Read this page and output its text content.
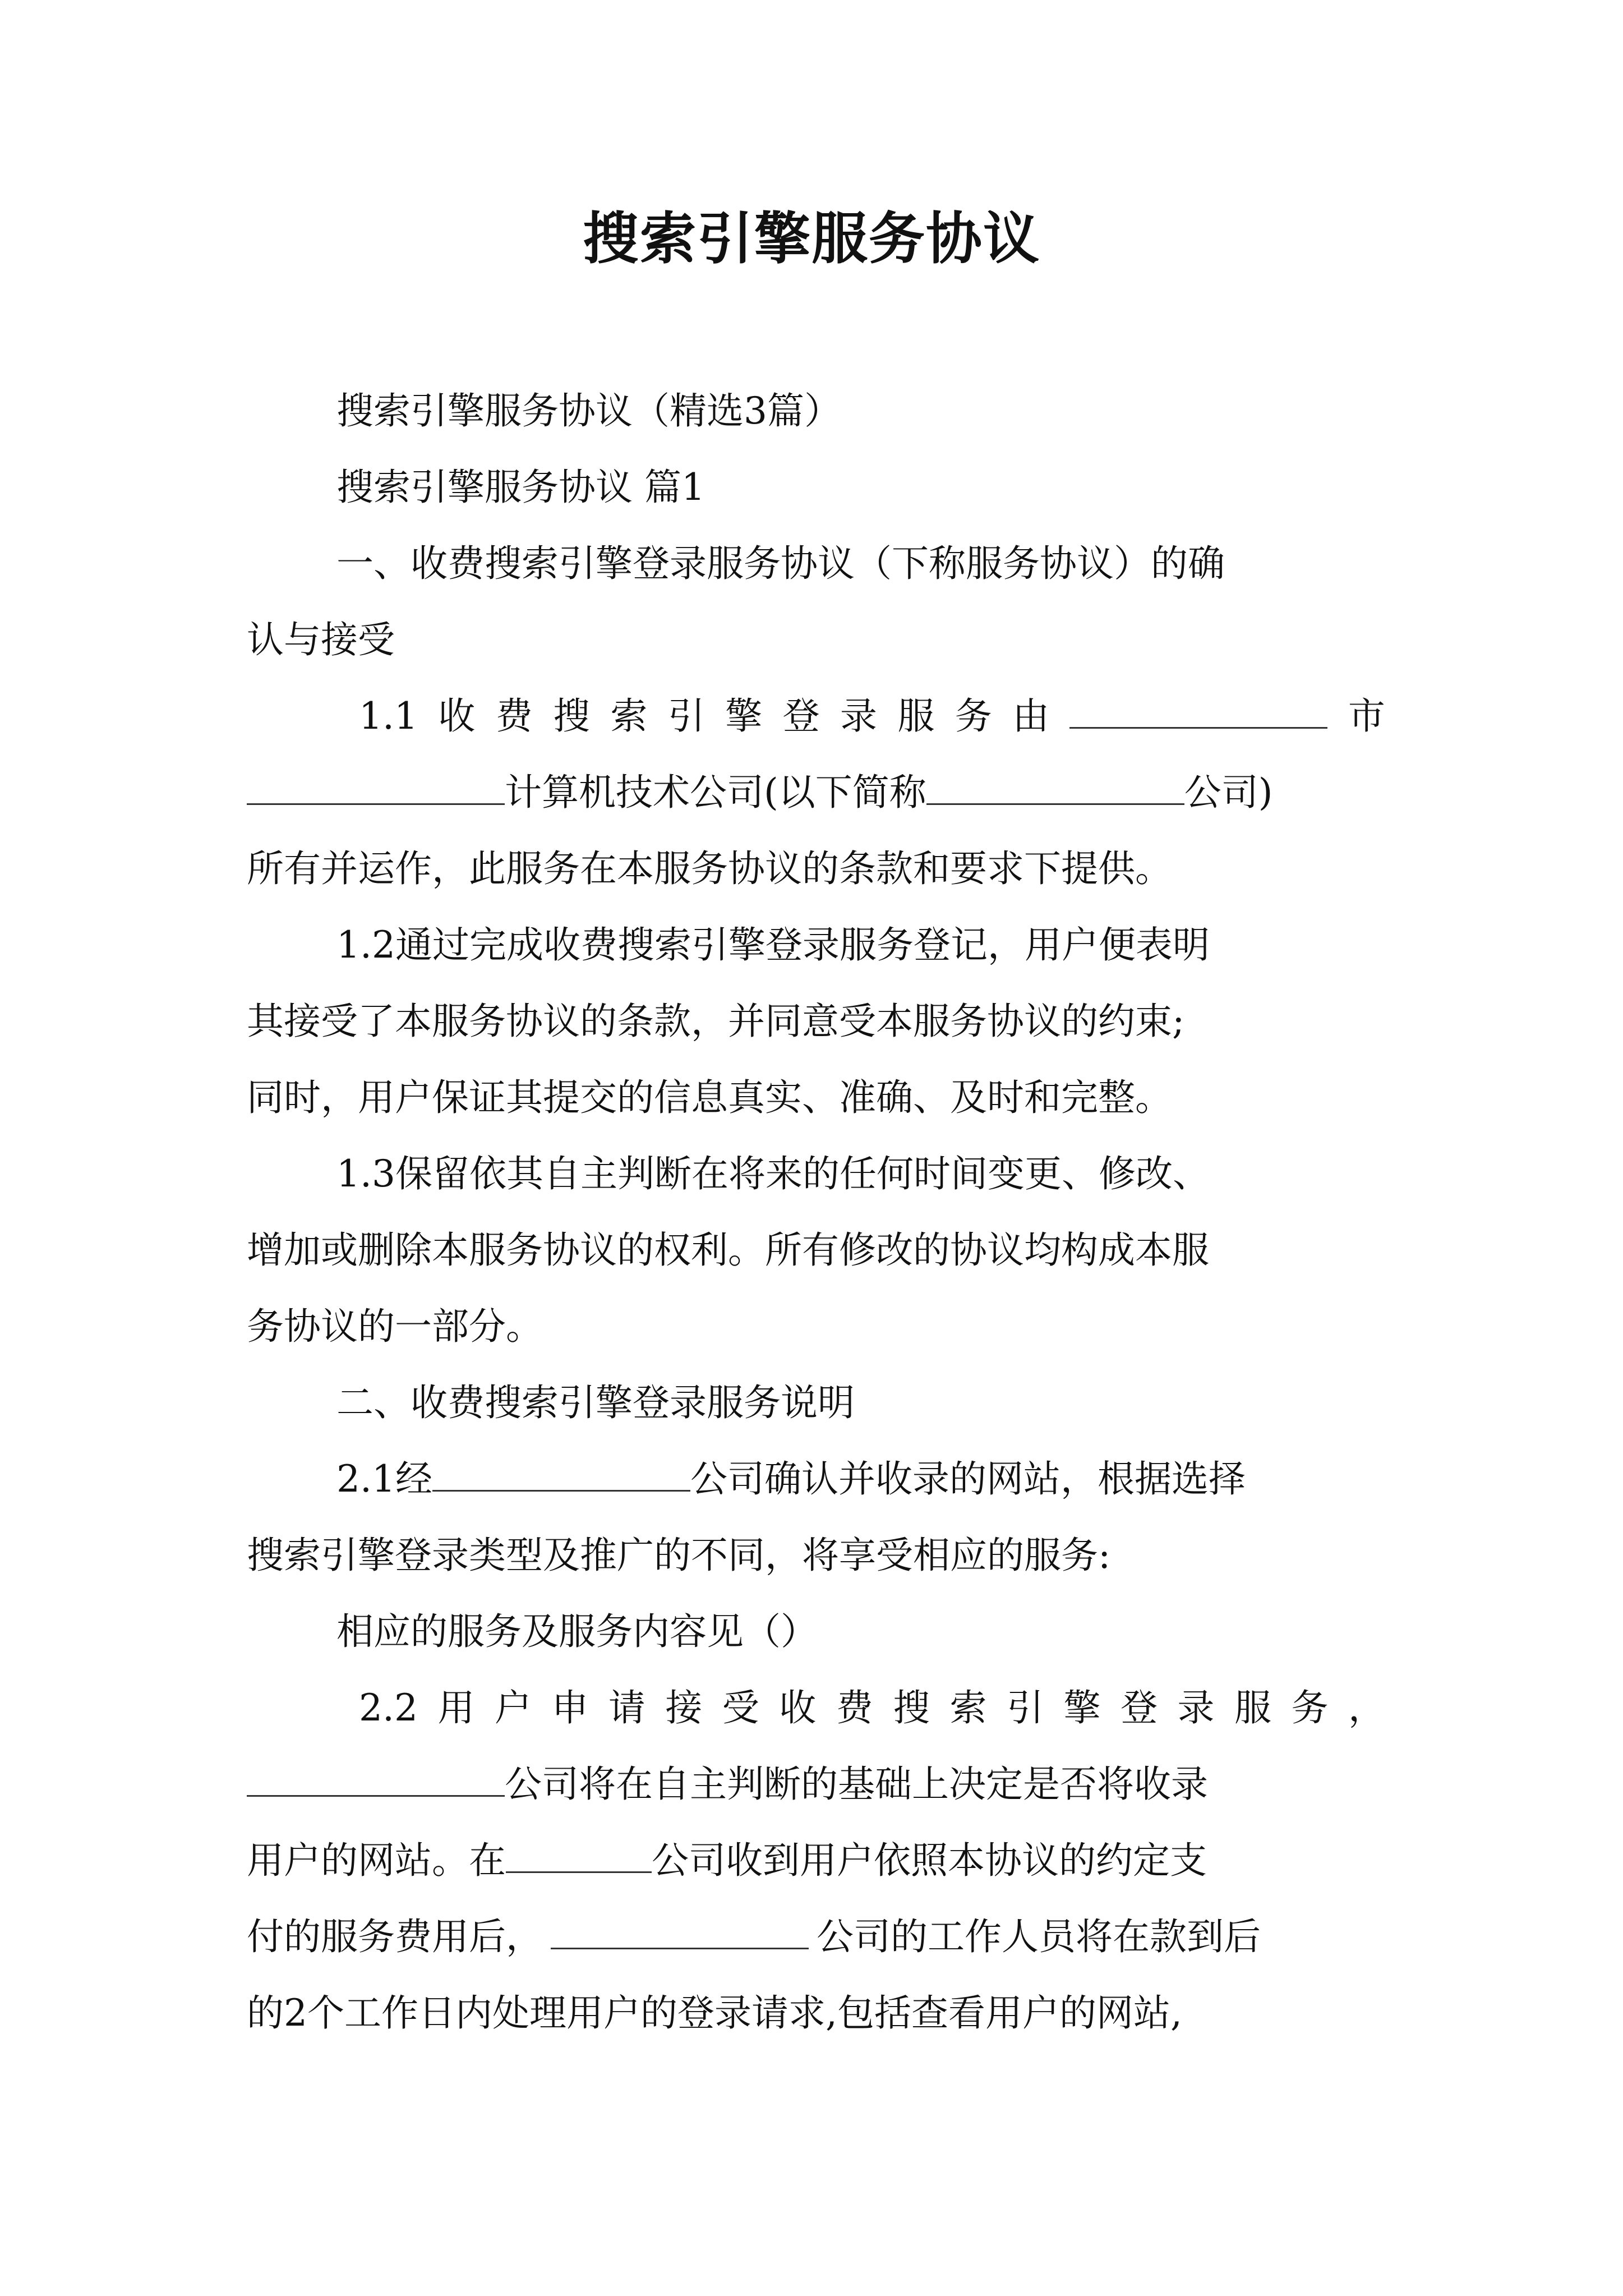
搜索引擎服务协议
搜索引擎服务协议（精选3篇）
搜索引擎服务协议 篇1
一、收费搜索引擎登录服务协议（下称服务协议）的确
认与接受
1.1 收 费 搜 索 引 擎 登 录 服 务 由	市
计算机技术公司(以下简称	公司)
所有并运作，此服务在本服务协议的条款和要求下提供。
1.2通过完成收费搜索引擎登录服务登记，用户便表明
其接受了本服务协议的条款，并同意受本服务协议的约束;
同时，用户保证其提交的信息真实、准确、及时和完整。
1.3保留依其自主判断在将来的任何时间变更、修改、
增加或删除本服务协议的权利。所有修改的协议均构成本服
务协议的一部分。
二、收费搜索引擎登录服务说明
2.1经	公司确认并收录的网站，根据选择
搜索引擎登录类型及推广的不同，将享受相应的服务:
相应的服务及服务内容见（）
2.2 用 户 申 请 接 受 收 费 搜 索 引 擎 登 录 服 务 ，
公司将在自主判断的基础上决定是否将收录
用户的网站。在	公司收到用户依照本协议的约定支
付的服务费用后，	公司的工作人员将在款到后
的2个工作日内处理用户的登录请求,包括查看用户的网站,
